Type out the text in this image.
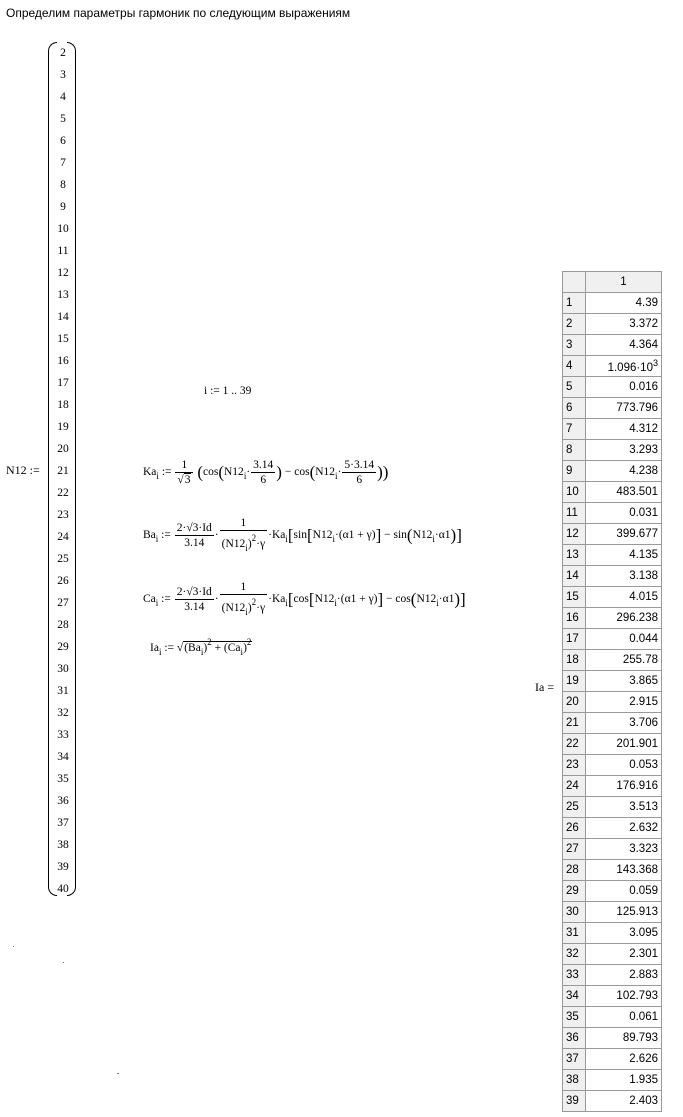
Определим параметры гармоник по следующим выражениям
N12 :=
2
3
4
5
6
7
8
9
10
11
12
13
14
15
16
17
18
19
20
21
22
23
24
25
26
27
28
29
30
31
32
33
34
35
36
37
38
39
40
i := 1 .. 39
$Ka_i$ := $\frac{1}{√3} (\cos(N12_i\cdot \frac{3.14}{6}$ ) − $\cos(N12_i\cdot \frac{5\cdot 3.14}{6}$ ))
$Ba_i$ := $\frac{2\cdot√3\cdot Id}{3.14} \cdot \frac{1}{(N12_i)^2\cdot\gamma} \cdot Ka_i[\sin[N12_i\cdot(\alpha 1 + \gamma)] - \sin(N12_i\cdot\alpha 1)]$
$Ca_i$ := $\frac{2\cdot√3\cdot Id}{3.14} \cdot \frac{1}{(N12_i)^2\cdot\gamma} \cdot Ka_i[\cos[N12_i\cdot(\alpha 1 + \gamma)] - \cos(N12_i\cdot\alpha 1)]$
$Ia_i$ := $√(Ba_i)^2 + (Ca_i)^2$
Ia =
	1
1	4.39
2	3.372
3	4.364
4	$1.096\cdot 10^3$
5	0.016
6	773.796
7	4.312
8	3.293
9	4.238
10	483.501
11	0.031
12	399.677
13	4.135
14	3.138
15	4.015
16	296.238
17	0.044
18	255.78
19	3.865
20	2.915
21	3.706
22	201.901
23	0.053
24	176.916
25	3.513
26	2.632
27	3.323
28	143.368
29	0.059
30	125.913
31	3.095
32	2.301
33	2.883
34	102.793
35	0.061
36	89.793
37	2.626
38	1.935
39	2.403
